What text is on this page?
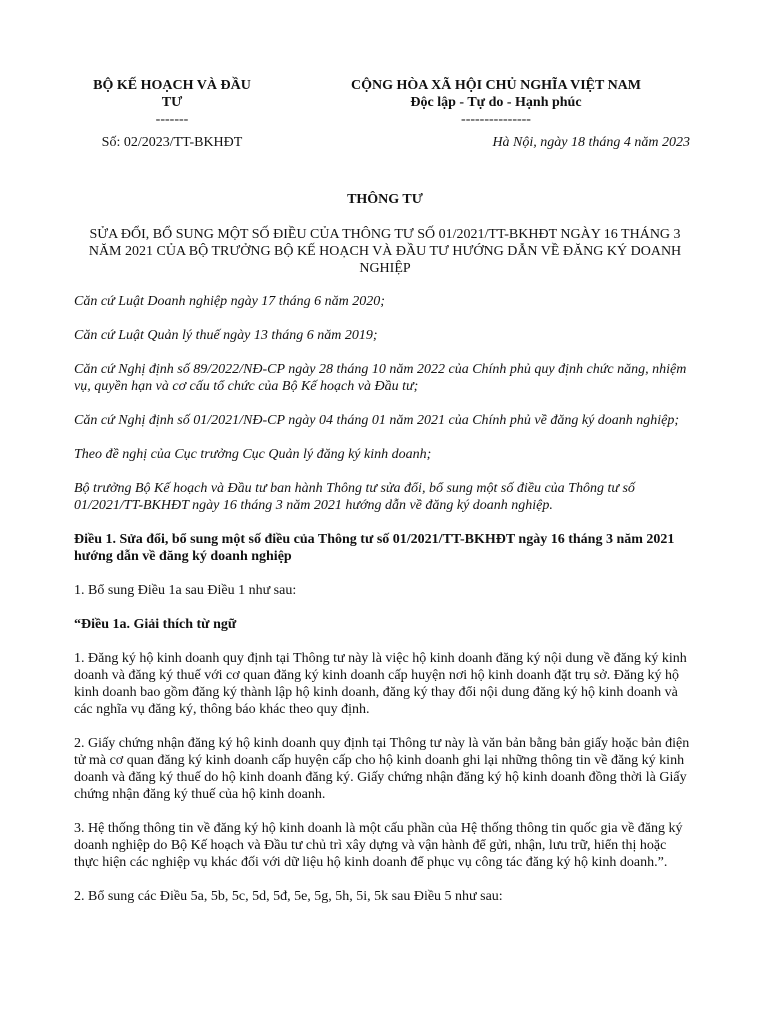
BỘ KẾ HOẠCH VÀ ĐẦU
TƯ
-------
CỘNG HÒA XÃ HỘI CHỦ NGHĨA VIỆT NAM
Độc lập - Tự do - Hạnh phúc
---------------
Số: 02/2023/TT-BKHĐT	Hà Nội, ngày 18 tháng 4 năm 2023
THÔNG TƯ
SỬA ĐỔI, BỔ SUNG MỘT SỐ ĐIỀU CỦA THÔNG TƯ SỐ 01/2021/TT-BKHĐT NGÀY 16 THÁNG 3 NĂM 2021 CỦA BỘ TRƯỞNG BỘ KẾ HOẠCH VÀ ĐẦU TƯ HƯỚNG DẪN VỀ ĐĂNG KÝ DOANH NGHIỆP

Căn cứ Luật Doanh nghiệp ngày 17 tháng 6 năm 2020;

Căn cứ Luật Quản lý thuế ngày 13 tháng 6 năm 2019;

Căn cứ Nghị định số 89/2022/NĐ-CP ngày 28 tháng 10 năm 2022 của Chính phủ quy định chức năng, nhiệm vụ, quyền hạn và cơ cấu tổ chức của Bộ Kế hoạch và Đầu tư;

Căn cứ Nghị định số 01/2021/NĐ-CP ngày 04 tháng 01 năm 2021 của Chính phủ về đăng ký doanh nghiệp;

Theo đề nghị của Cục trưởng Cục Quản lý đăng ký kinh doanh;

Bộ trưởng Bộ Kế hoạch và Đầu tư ban hành Thông tư sửa đổi, bổ sung một số điều của Thông tư số 01/2021/TT-BKHĐT ngày 16 tháng 3 năm 2021 hướng dẫn về đăng ký doanh nghiệp.

Điều 1. Sửa đổi, bổ sung một số điều của Thông tư số 01/2021/TT-BKHĐT ngày 16 tháng 3 năm 2021 hướng dẫn về đăng ký doanh nghiệp

1. Bổ sung Điều 1a sau Điều 1 như sau:

“Điều 1a. Giải thích từ ngữ

1. Đăng ký hộ kinh doanh quy định tại Thông tư này là việc hộ kinh doanh đăng ký nội dung về đăng ký kinh doanh và đăng ký thuế với cơ quan đăng ký kinh doanh cấp huyện nơi hộ kinh doanh đặt trụ sở. Đăng ký hộ kinh doanh bao gồm đăng ký thành lập hộ kinh doanh, đăng ký thay đổi nội dung đăng ký hộ kinh doanh và các nghĩa vụ đăng ký, thông báo khác theo quy định.

2. Giấy chứng nhận đăng ký hộ kinh doanh quy định tại Thông tư này là văn bản bằng bản giấy hoặc bản điện tử mà cơ quan đăng ký kinh doanh cấp huyện cấp cho hộ kinh doanh ghi lại những thông tin về đăng ký kinh doanh và đăng ký thuế do hộ kinh doanh đăng ký. Giấy chứng nhận đăng ký hộ kinh doanh đồng thời là Giấy chứng nhận đăng ký thuế của hộ kinh doanh.

3. Hệ thống thông tin về đăng ký hộ kinh doanh là một cấu phần của Hệ thống thông tin quốc gia về đăng ký doanh nghiệp do Bộ Kế hoạch và Đầu tư chủ trì xây dựng và vận hành để gửi, nhận, lưu trữ, hiển thị hoặc thực hiện các nghiệp vụ khác đối với dữ liệu hộ kinh doanh để phục vụ công tác đăng ký hộ kinh doanh.”.

2. Bổ sung các Điều 5a, 5b, 5c, 5d, 5đ, 5e, 5g, 5h, 5i, 5k sau Điều 5 như sau:
